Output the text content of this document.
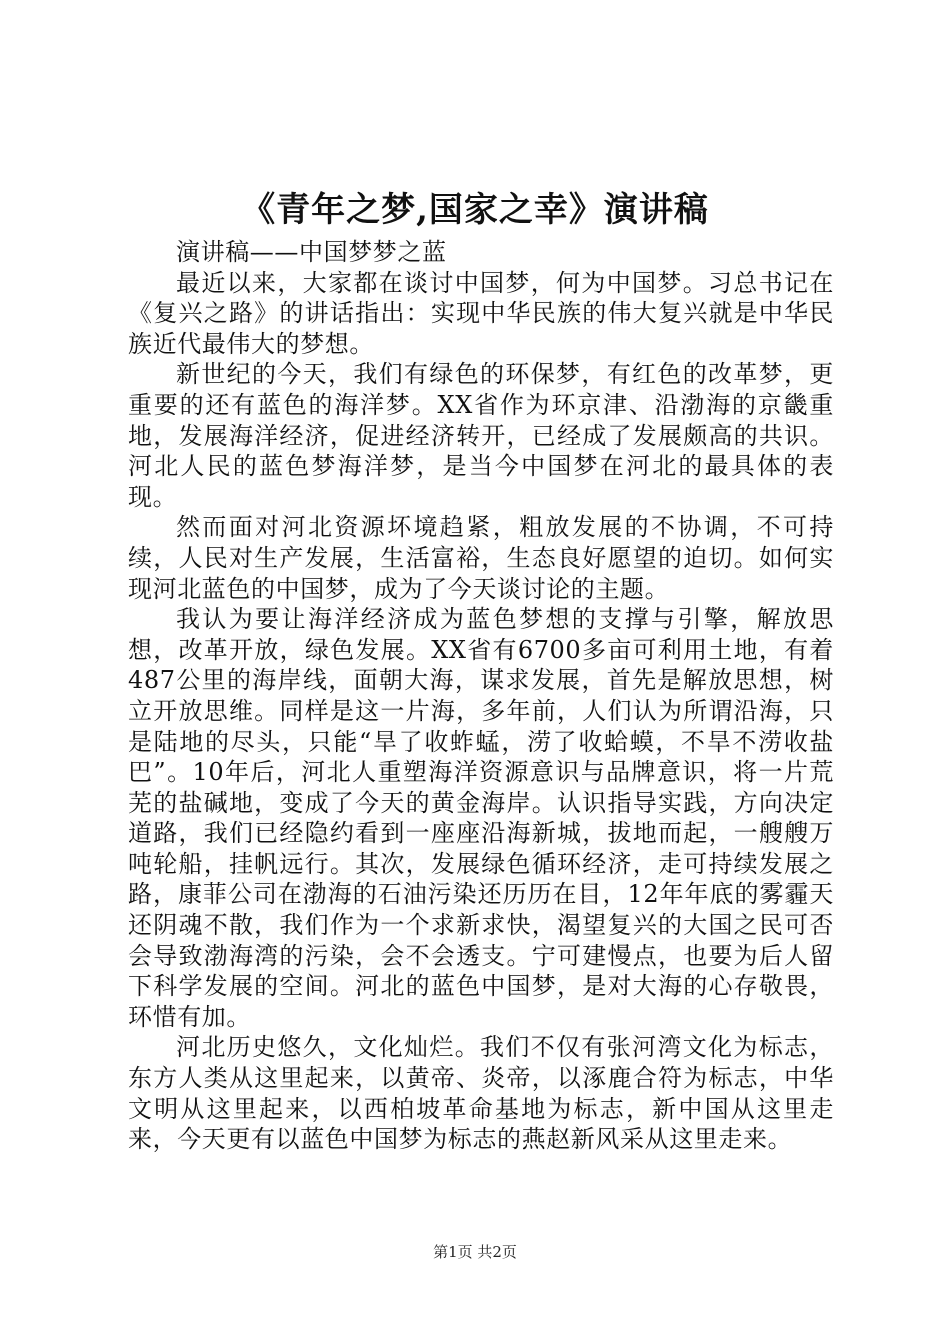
《青年之梦,国家之幸》演讲稿

演讲稿——中国梦梦之蓝

最近以来，大家都在谈讨中国梦，何为中国梦。习总书记在《复兴之路》的讲话指出：实现中华民族的伟大复兴就是中华民族近代最伟大的梦想。

新世纪的今天，我们有绿色的环保梦，有红色的改革梦，更重要的还有蓝色的海洋梦。XX省作为环京津、沿渤海的京畿重地，发展海洋经济，促进经济转开，已经成了发展颇高的共识。河北人民的蓝色梦海洋梦，是当今中国梦在河北的最具体的表现。

然而面对河北资源坏境趋紧，粗放发展的不协调，不可持续，人民对生产发展，生活富裕，生态良好愿望的迫切。如何实现河北蓝色的中国梦，成为了今天谈讨论的主题。

我认为要让海洋经济成为蓝色梦想的支撑与引擎，解放思想，改革开放，绿色发展。XX省有6700多亩可利用土地，有着487公里的海岸线，面朝大海，谋求发展，首先是解放思想，树立开放思维。同样是这一片海，多年前，人们认为所谓沿海，只是陆地的尽头，只能“旱了收蚱蜢，涝了收蛤蟆，不旱不涝收盐巴”。10年后，河北人重塑海洋资源意识与品牌意识，将一片荒芜的盐碱地，变成了今天的黄金海岸。认识指导实践，方向决定道路，我们已经隐约看到一座座沿海新城，拔地而起，一艘艘万吨轮船，挂帆远行。其次，发展绿色循环经济，走可持续发展之路，康菲公司在渤海的石油污染还历历在目，12年年底的雾霾天还阴魂不散，我们作为一个求新求快，渴望复兴的大国之民可否会导致渤海湾的污染，会不会透支。宁可建慢点，也要为后人留下科学发展的空间。河北的蓝色中国梦，是对大海的心存敬畏，环惜有加。

河北历史悠久，文化灿烂。我们不仅有张河湾文化为标志，东方人类从这里起来，以黄帝、炎帝，以涿鹿合符为标志，中华文明从这里起来，以西柏坡革命基地为标志，新中国从这里走来，今天更有以蓝色中国梦为标志的燕赵新风采从这里走来。

第1页 共2页
